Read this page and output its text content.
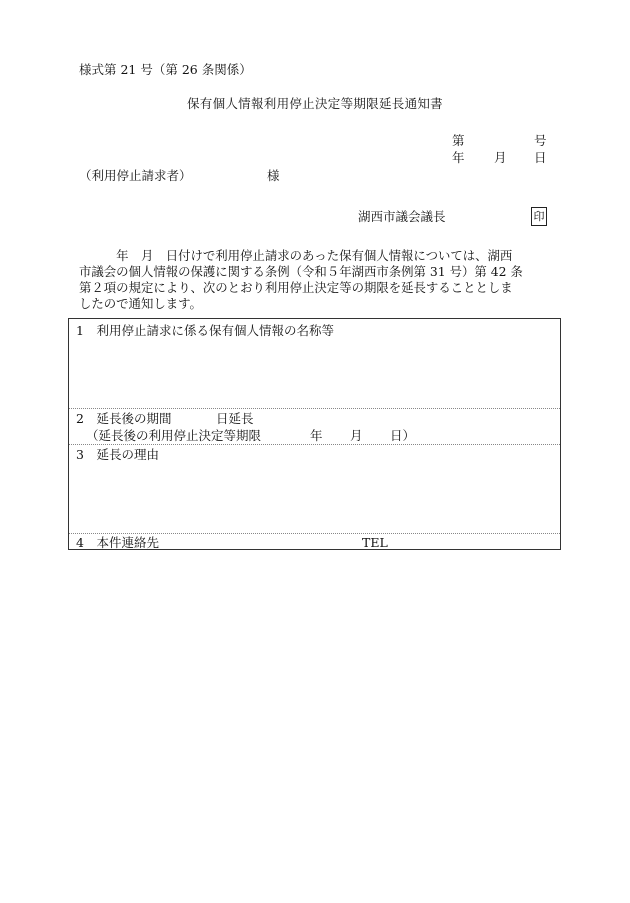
様式第 21 号（第 26 条関係）
保有個人情報利用停止決定等期限延長通知書
第	号
年 月 日
（利用停止請求者）	様
湖西市議会議長	印
　　　年　月　日付けで利用停止請求のあった保有個人情報については、湖西
市議会の個人情報の保護に関する条例（令和５年湖西市条例第 31 号）第 42 条
第２項の規定により、次のとおり利用停止決定等の期限を延長することとしま
したので通知します。
1　利用停止請求に係る保有個人情報の名称等
2　延長後の期間	日延長
（延長後の利用停止決定等期限	年 月 日）
3　延長の理由
4　本件連絡先	TEL
